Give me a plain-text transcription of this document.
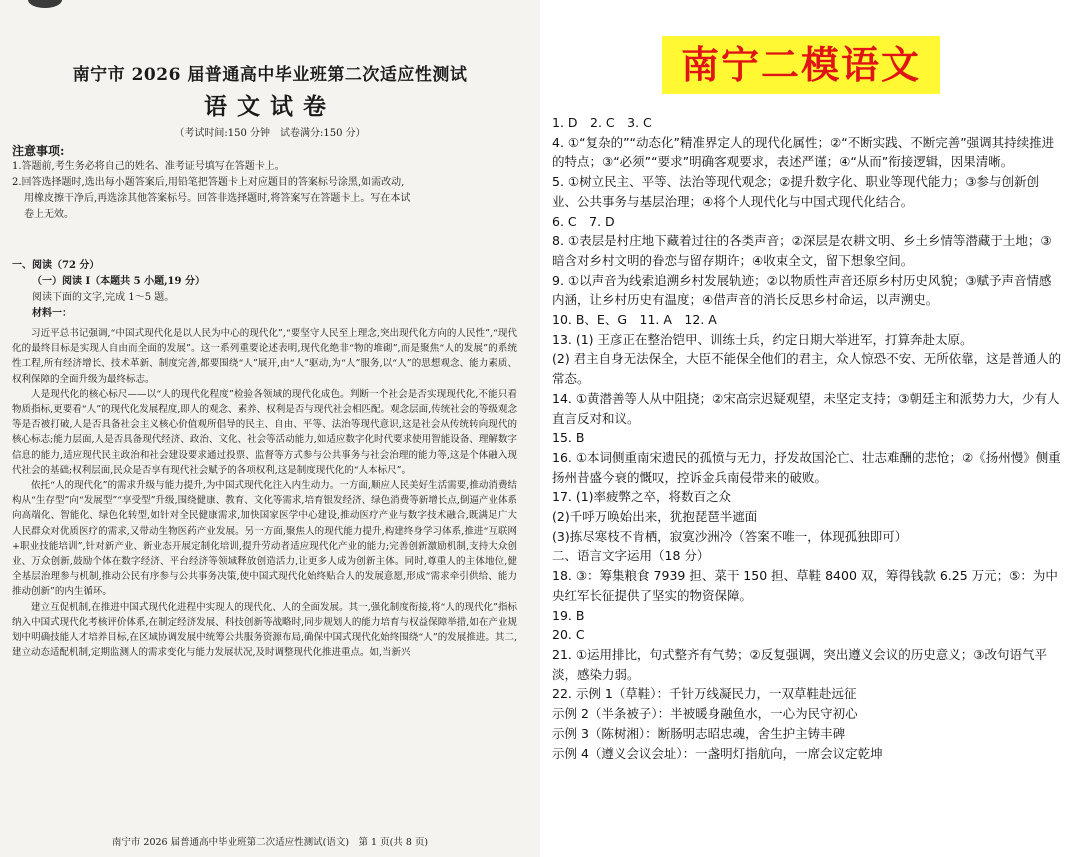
南宁市 2026 届普通高中毕业班第二次适应性测试
语文试卷
（考试时间:150 分钟　试卷满分:150 分）

注意事项:

1.答题前,考生务必将自己的姓名、准考证号填写在答题卡上。

2.回答选择题时,选出每小题答案后,用铅笔把答题卡上对应题目的答案标号涂黑,如需改动,

用橡皮擦干净后,再选涂其他答案标号。回答非选择题时,将答案写在答题卡上。写在本试

卷上无效。

一、阅读（72 分）

（一）阅读 I（本题共 5 小题,19 分）

阅读下面的文字,完成 1～5 题。

材料一：

习近平总书记强调,“中国式现代化是以人民为中心的现代化”,“要坚守人民至上理念,突出现代化方向的人民性”,“现代化的最终目标是实现人自由而全面的发展”。这一系列重要论述表明,现代化绝非“物的堆砌”,而是聚焦“人的发展”的系统性工程,所有经济增长、技术革新、制度完善,都要围绕“人”展开,由“人”驱动,为“人”服务,以“人”的思想观念、能力素质、权利保障的全面升级为最终标志。

人是现代化的核心标尺——以“人的现代化程度”检验各领域的现代化成色。判断一个社会是否实现现代化,不能只看物质指标,更要看“人”的现代化发展程度,即人的观念、素养、权利是否与现代社会相匹配。观念层面,传统社会的等级观念等是否被打破,人是否具备社会主义核心价值观所倡导的民主、自由、平等、法治等现代意识,这是社会从传统转向现代的核心标志;能力层面,人是否具备现代经济、政治、文化、社会等活动能力,如适应数字化时代要求使用智能设备、理解数字信息的能力,适应现代民主政治和社会建设要求通过投票、监督等方式参与公共事务与社会治理的能力等,这是个体融入现代社会的基础;权利层面,民众是否享有现代社会赋予的各项权利,这是制度现代化的“人本标尺”。

依托“人的现代化”的需求升级与能力提升,为中国式现代化注入内生动力。一方面,顺应人民美好生活需要,推动消费结构从“生存型”向“发展型”“享受型”升级,围绕健康、教育、文化等需求,培育银发经济、绿色消费等新增长点,倒逼产业体系向高端化、智能化、绿色化转型,如针对全民健康需求,加快国家医学中心建设,推动医疗产业与数字技术融合,既满足广大人民群众对优质医疗的需求,又带动生物医药产业发展。另一方面,聚焦人的现代能力提升,构建终身学习体系,推进“互联网+职业技能培训”,针对新产业、新业态开展定制化培训,提升劳动者适应现代化产业的能力;完善创新激励机制,支持大众创业、万众创新,鼓励个体在数字经济、平台经济等领域释放创造活力,让更多人成为创新主体。同时,尊重人的主体地位,健全基层治理参与机制,推动公民有序参与公共事务决策,使中国式现代化始终贴合人的发展意愿,形成“需求牵引供给、能力推动创新”的内生循环。

建立互促机制,在推进中国式现代化进程中实现人的现代化、人的全面发展。其一,强化制度衔接,将“人的现代化”指标纳入中国式现代化考核评价体系,在制定经济发展、科技创新等战略时,同步规划人的能力培育与权益保障举措,如在产业规划中明确技能人才培养目标,在区域协调发展中统筹公共服务资源布局,确保中国式现代化始终围绕“人”的发展推进。其二,建立动态适配机制,定期监测人的需求变化与能力发展状况,及时调整现代化推进重点。如,当新兴

南宁市 2026 届普通高中毕业班第二次适应性测试(语文)　第 1 页(共 8 页)
南宁二模语文

1. D　2. C　3. C

4. ①“复杂的”“动态化”精准界定人的现代化属性；②“不断实践、不断完善”强调其持续推进的特点；③“必须”“要求”明确客观要求，表述严谨；④“从而”衔接逻辑，因果清晰。

5. ①树立民主、平等、法治等现代观念；②提升数字化、职业等现代能力；③参与创新创业、公共事务与基层治理；④将个人现代化与中国式现代化结合。

6. C　7. D

8. ①表层是村庄地下藏着过往的各类声音；②深层是农耕文明、乡土乡情等潜藏于土地；③暗含对乡村文明的眷恋与留存期许；④收束全文，留下想象空间。

9. ①以声音为线索追溯乡村发展轨迹；②以物质性声音还原乡村历史风貌；③赋予声音情感内涵，让乡村历史有温度；④借声音的消长反思乡村命运，以声溯史。

10. B、E、G　11. A　12. A

13. (1) 王彦正在整治铠甲、训练士兵，约定日期大举进军，打算奔赴太原。

(2) 君主自身无法保全，大臣不能保全他们的君主，众人惊恐不安、无所依靠，这是普通人的常态。

14. ①黄潜善等人从中阻挠；②宋高宗迟疑观望，未坚定支持；③朝廷主和派势力大，少有人直言反对和议。

15. B

16. ①本词侧重南宋遗民的孤愤与无力，抒发故国沦亡、壮志难酬的悲怆；②《扬州慢》侧重扬州昔盛今衰的慨叹，控诉金兵南侵带来的破败。

17. (1)率疲弊之卒，将数百之众

(2)千呼万唤始出来，犹抱琵琶半遮面

(3)拣尽寒枝不肯栖，寂寞沙洲冷（答案不唯一，体现孤独即可）

二、语言文字运用（18 分）

18. ③：筹集粮食 7939 担、菜干 150 担、草鞋 8400 双，筹得钱款 6.25 万元；⑤：为中央红军长征提供了坚实的物资保障。

19. B

20. C

21. ①运用排比，句式整齐有气势；②反复强调，突出遵义会议的历史意义；③改句语气平淡，感染力弱。

22. 示例 1（草鞋）：千针万线凝民力，一双草鞋赴远征

示例 2（半条被子）：半被暖身融鱼水，一心为民守初心

示例 3（陈树湘）：断肠明志昭忠魂，舍生护主铸丰碑

示例 4（遵义会议会址）：一盏明灯指航向，一席会议定乾坤
